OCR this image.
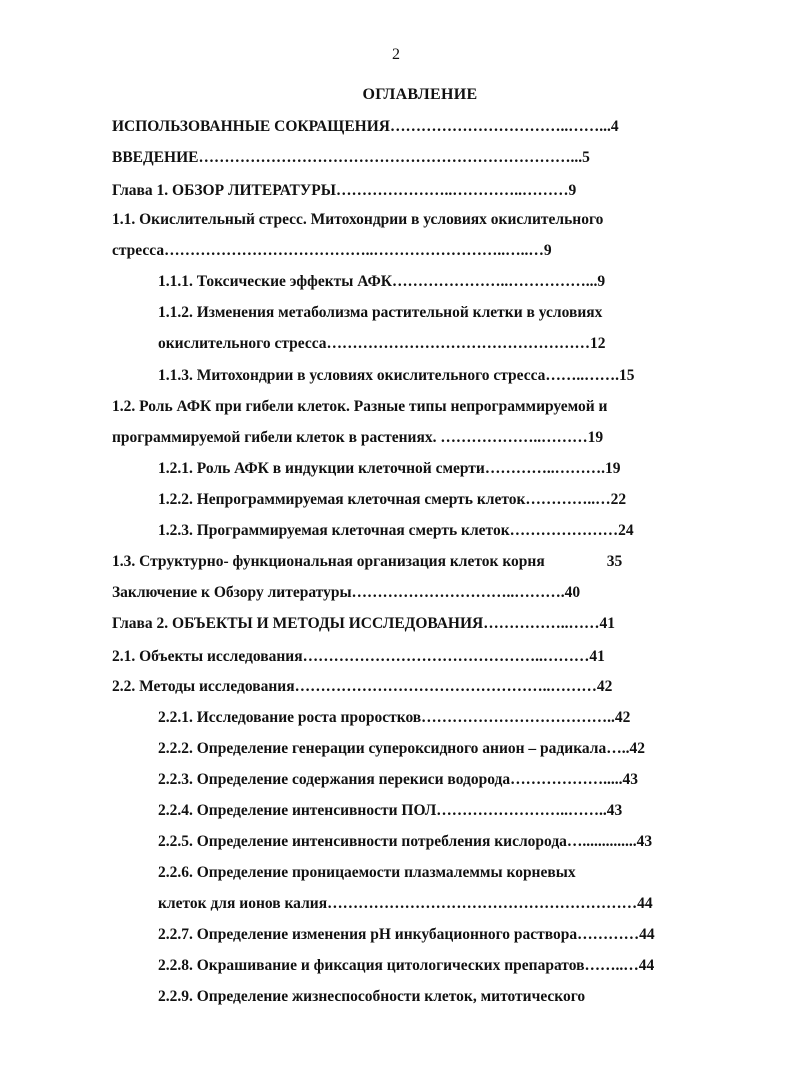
2
ОГЛАВЛЕНИЕ
ИСПОЛЬЗОВАННЫЕ СОКРАЩЕНИЯ……………………………..……...4
ВВЕДЕНИЕ………………………………………………………………...5
Глава 1. ОБЗОР ЛИТЕРАТУРЫ…………………..…………..………9
1.1. Окислительный стресс. Митохондрии в условиях окислительного
стресса…………………………………..……………………..…..…9
1.1.1. Токсические эффекты АФК…………………..……………...9
1.1.2. Изменения метаболизма растительной клетки в условиях
окислительного стресса……………………………………………12
1.1.3. Митохондрии в условиях окислительного стресса……..…….15
1.2. Роль АФК при гибели клеток. Разные типы непрограммируемой и
программируемой гибели клеток в растениях. ………………..………19
1.2.1. Роль АФК в индукции клеточной смерти…………..……….19
1.2.2. Непрограммируемая клеточная смерть клеток…………..…22
1.2.3. Программируемая клеточная смерть клеток…………………24
1.3. Структурно- функциональная организация клеток корня                35
Заключение к Обзору литературы…………………………..……….40
Глава 2. ОБЪЕКТЫ И МЕТОДЫ ИССЛЕДОВАНИЯ……………..……41
2.1. Объекты исследования………………………………………..………41
2.2. Методы исследования…………………………………………..………42
2.2.1. Исследование роста проростков………………………………..42
2.2.2. Определение генерации супероксидного анион – радикала…..42
2.2.3. Определение содержания перекиси водорода……………….....43
2.2.4. Определение интенсивности ПОЛ……………………..……..43
2.2.5. Определение интенсивности потребления кислорода…..............43
2.2.6. Определение проницаемости плазмалеммы корневых
клеток для ионов калия……………………………………………………44
2.2.7. Определение изменения pH инкубационного раствора…………44
2.2.8. Окрашивание и фиксация цитологических препаратов……..…44
2.2.9. Определение жизнеспособности клеток, митотического
